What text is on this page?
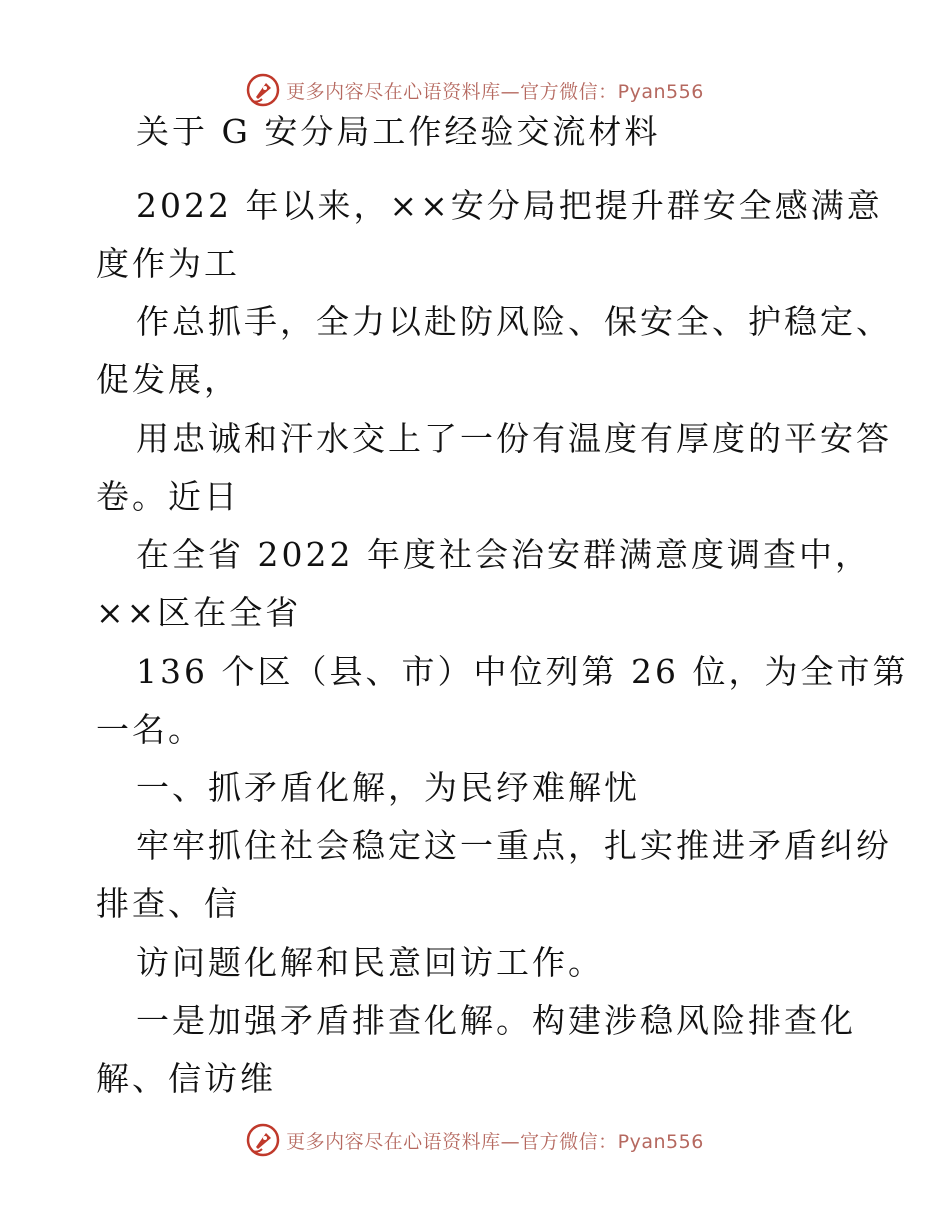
更多内容尽在心语资料库—官方微信：Pyan556
关于 G 安分局工作经验交流材料
2022 年以来，××安分局把提升群安全感满意
度作为工
作总抓手，全力以赴防风险、保安全、护稳定、
促发展，
用忠诚和汗水交上了一份有温度有厚度的平安答
卷。近日
在全省 2022 年度社会治安群满意度调查中，
××区在全省
136 个区（县、市）中位列第 26 位，为全市第
一名。
一、抓矛盾化解，为民纾难解忧
牢牢抓住社会稳定这一重点，扎实推进矛盾纠纷
排查、信
访问题化解和民意回访工作。
一是加强矛盾排查化解。构建涉稳风险排查化
解、信访维
更多内容尽在心语资料库—官方微信：Pyan556
